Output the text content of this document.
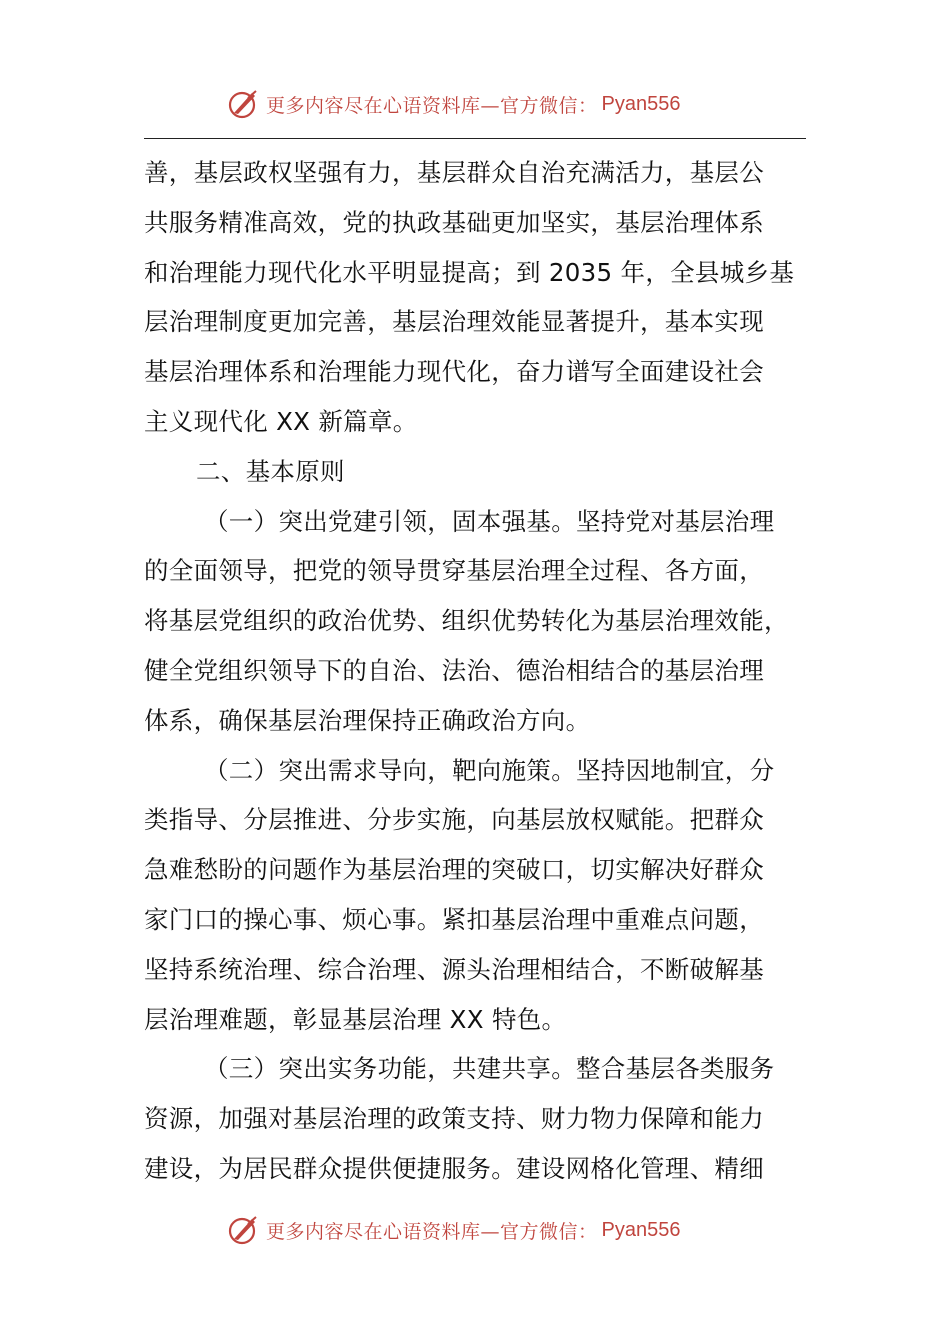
更多内容尽在心语资料库—官方微信： Pyan556
善，基层政权坚强有力，基层群众自治充满活力，基层公
共服务精准高效，党的执政基础更加坚实，基层治理体系
和治理能力现代化水平明显提高；到 2035 年，全县城乡基
层治理制度更加完善，基层治理效能显著提升，基本实现
基层治理体系和治理能力现代化，奋力谱写全面建设社会
主义现代化 XX 新篇章。
二、基本原则
（一）突出党建引领，固本强基。坚持党对基层治理
的全面领导，把党的领导贯穿基层治理全过程、各方面，
将基层党组织的政治优势、组织优势转化为基层治理效能，
健全党组织领导下的自治、法治、德治相结合的基层治理
体系，确保基层治理保持正确政治方向。
（二）突出需求导向，靶向施策。坚持因地制宜，分
类指导、分层推进、分步实施，向基层放权赋能。把群众
急难愁盼的问题作为基层治理的突破口，切实解决好群众
家门口的操心事、烦心事。紧扣基层治理中重难点问题，
坚持系统治理、综合治理、源头治理相结合，不断破解基
层治理难题，彰显基层治理 XX 特色。
（三）突出实务功能，共建共享。整合基层各类服务
资源，加强对基层治理的政策支持、财力物力保障和能力
建设，为居民群众提供便捷服务。建设网格化管理、精细
更多内容尽在心语资料库—官方微信： Pyan556
